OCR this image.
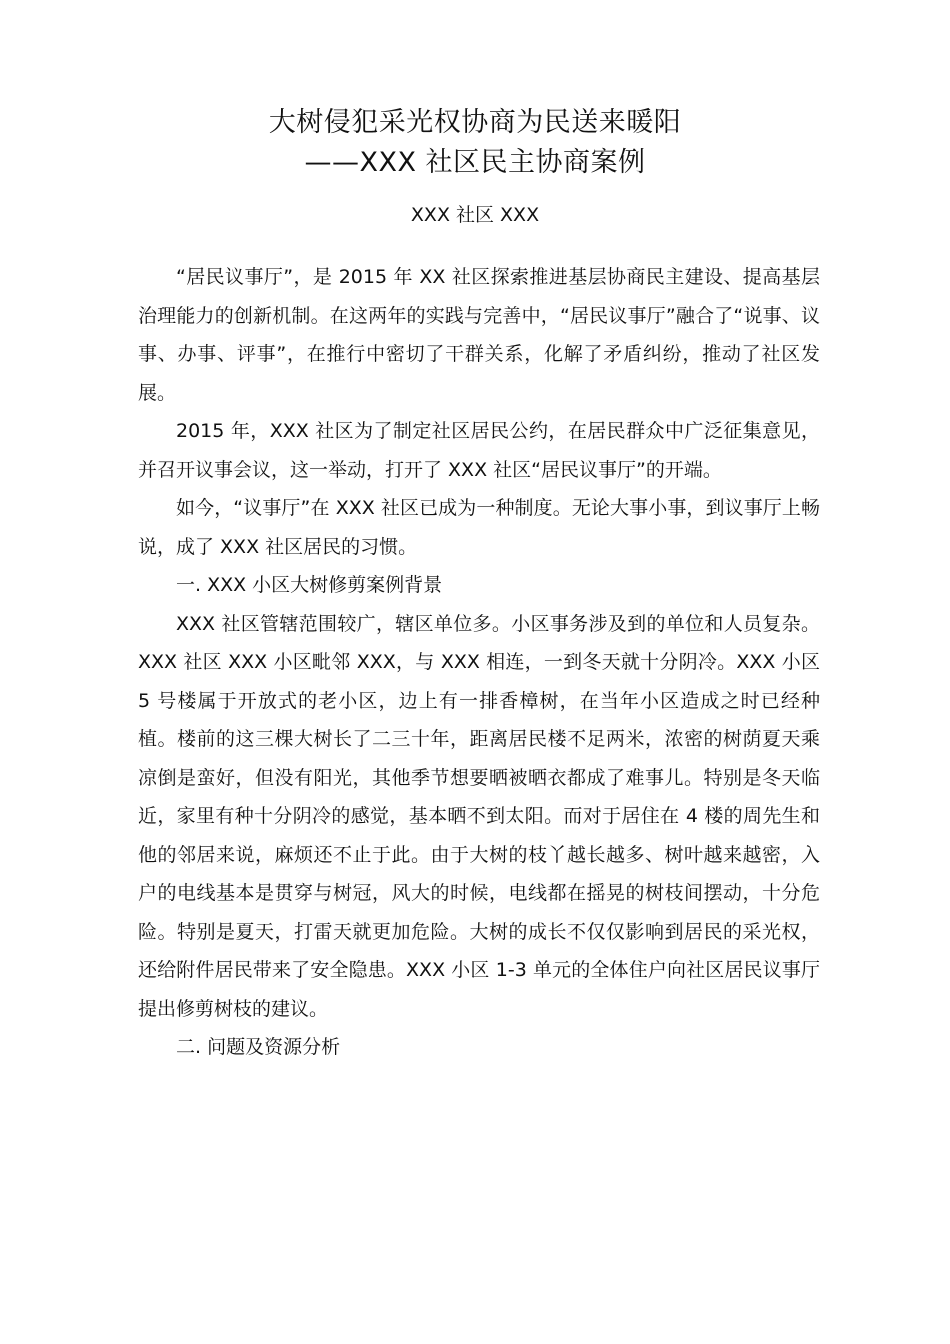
大树侵犯采光权协商为民送来暖阳
——XXX 社区民主协商案例
XXX 社区 XXX

“居民议事厅”，是 2015 年 XX 社区探索推进基层协商民主建设、提高基层治理能力的创新机制。在这两年的实践与完善中，“居民议事厅”融合了“说事、议事、办事、评事”，在推行中密切了干群关系，化解了矛盾纠纷，推动了社区发展。

2015 年，XXX 社区为了制定社区居民公约，在居民群众中广泛征集意见，并召开议事会议，这一举动，打开了 XXX 社区“居民议事厅”的开端。

如今，“议事厅”在 XXX 社区已成为一种制度。无论大事小事，到议事厅上畅说，成了 XXX 社区居民的习惯。

一. XXX 小区大树修剪案例背景

XXX 社区管辖范围较广，辖区单位多。小区事务涉及到的单位和人员复杂。XXX 社区 XXX 小区毗邻 XXX，与 XXX 相连，一到冬天就十分阴冷。XXX 小区 5 号楼属于开放式的老小区，边上有一排香樟树，在当年小区造成之时已经种植。楼前的这三棵大树长了二三十年，距离居民楼不足两米，浓密的树荫夏天乘凉倒是蛮好，但没有阳光，其他季节想要晒被晒衣都成了难事儿。特别是冬天临近，家里有种十分阴冷的感觉，基本晒不到太阳。而对于居住在 4 楼的周先生和他的邻居来说，麻烦还不止于此。由于大树的枝丫越长越多、树叶越来越密，入户的电线基本是贯穿与树冠，风大的时候，电线都在摇晃的树枝间摆动，十分危险。特别是夏天，打雷天就更加危险。大树的成长不仅仅影响到居民的采光权，还给附件居民带来了安全隐患。XXX 小区 1-3 单元的全体住户向社区居民议事厅提出修剪树枝的建议。

二. 问题及资源分析
